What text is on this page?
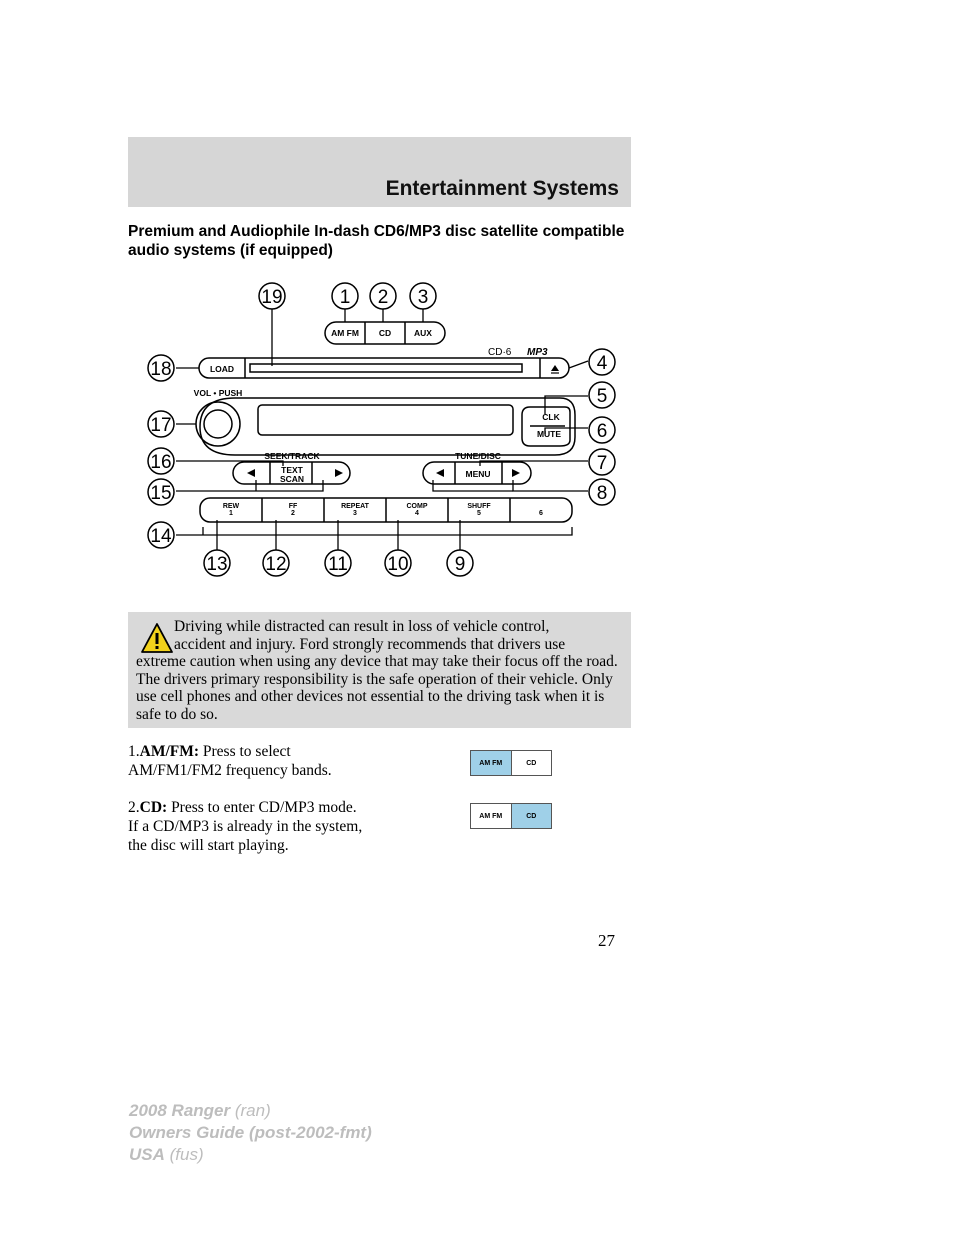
Entertainment Systems
Premium and Audiophile In-dash CD6/MP3 disc satellite compatible audio systems (if equipped)
AM FM CD	AUX
LOAD
VOL • PUSH
CLK
MUTE
SEEK/TRACK
TEXT
SCAN
TUNE/DISC
MENU
CD·6 MP3
REW
1
FF
2
REPEAT
3
COMP
4
SHUFF
5	6
1 2 3
4
5
6
7
8
9
10
11
12
13
14
15
16
17
18
19
Driving while distracted can result in loss of vehicle control,
accident and injury. Ford strongly recommends that drivers use
extreme caution when using any device that may take their focus off the road. The drivers primary responsibility is the safe operation of their vehicle. Only use cell phones and other devices not essential to the driving task when it is safe to do so.
1.AM/FM: Press to select AM/FM1/FM2 frequency bands.	AM FM	CD
2.CD: Press to enter CD/MP3 mode. If a CD/MP3 is already in the system, the disc will start playing.
AM FM	CD
27
2008 Ranger (ran)
Owners Guide (post-2002-fmt)
USA (fus)
